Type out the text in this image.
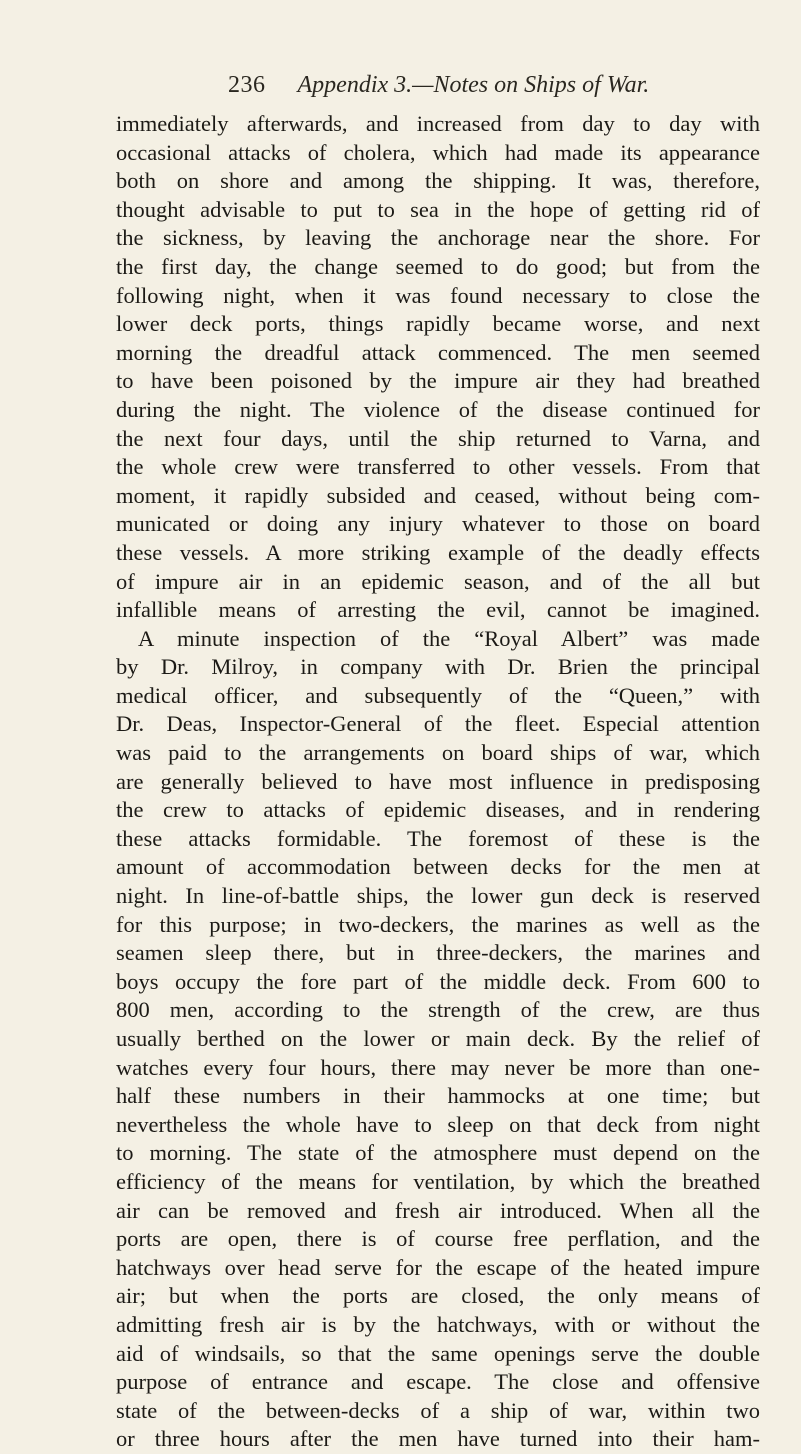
236 Appendix 3.—Notes on Ships of War.
immediately afterwards, and increased from day to day with
occasional attacks of cholera, which had made its appearance
both on shore and among the shipping. It was, therefore,
thought advisable to put to sea in the hope of getting rid of
the sickness, by leaving the anchorage near the shore. For
the first day, the change seemed to do good; but from the
following night, when it was found necessary to close the
lower deck ports, things rapidly became worse, and next
morning the dreadful attack commenced. The men seemed
to have been poisoned by the impure air they had breathed
during the night. The violence of the disease continued for
the next four days, until the ship returned to Varna, and
the whole crew were transferred to other vessels. From that
moment, it rapidly subsided and ceased, without being com-
municated or doing any injury whatever to those on board
these vessels. A more striking example of the deadly effects
of impure air in an epidemic season, and of the all but
infallible means of arresting the evil, cannot be imagined.
A minute inspection of the “Royal Albert” was made
by Dr. Milroy, in company with Dr. Brien the principal
medical officer, and subsequently of the “Queen,” with
Dr. Deas, Inspector-General of the fleet. Especial attention
was paid to the arrangements on board ships of war, which
are generally believed to have most influence in predisposing
the crew to attacks of epidemic diseases, and in rendering
these attacks formidable. The foremost of these is the
amount of accommodation between decks for the men at
night. In line-of-battle ships, the lower gun deck is reserved
for this purpose; in two-deckers, the marines as well as the
seamen sleep there, but in three-deckers, the marines and
boys occupy the fore part of the middle deck. From 600 to
800 men, according to the strength of the crew, are thus
usually berthed on the lower or main deck. By the relief of
watches every four hours, there may never be more than one-
half these numbers in their hammocks at one time; but
nevertheless the whole have to sleep on that deck from night
to morning. The state of the atmosphere must depend on the
efficiency of the means for ventilation, by which the breathed
air can be removed and fresh air introduced. When all the
ports are open, there is of course free perflation, and the
hatchways over head serve for the escape of the heated impure
air; but when the ports are closed, the only means of
admitting fresh air is by the hatchways, with or without the
aid of windsails, so that the same openings serve the double
purpose of entrance and escape. The close and offensive
state of the between-decks of a ship of war, within two
or three hours after the men have turned into their ham-
